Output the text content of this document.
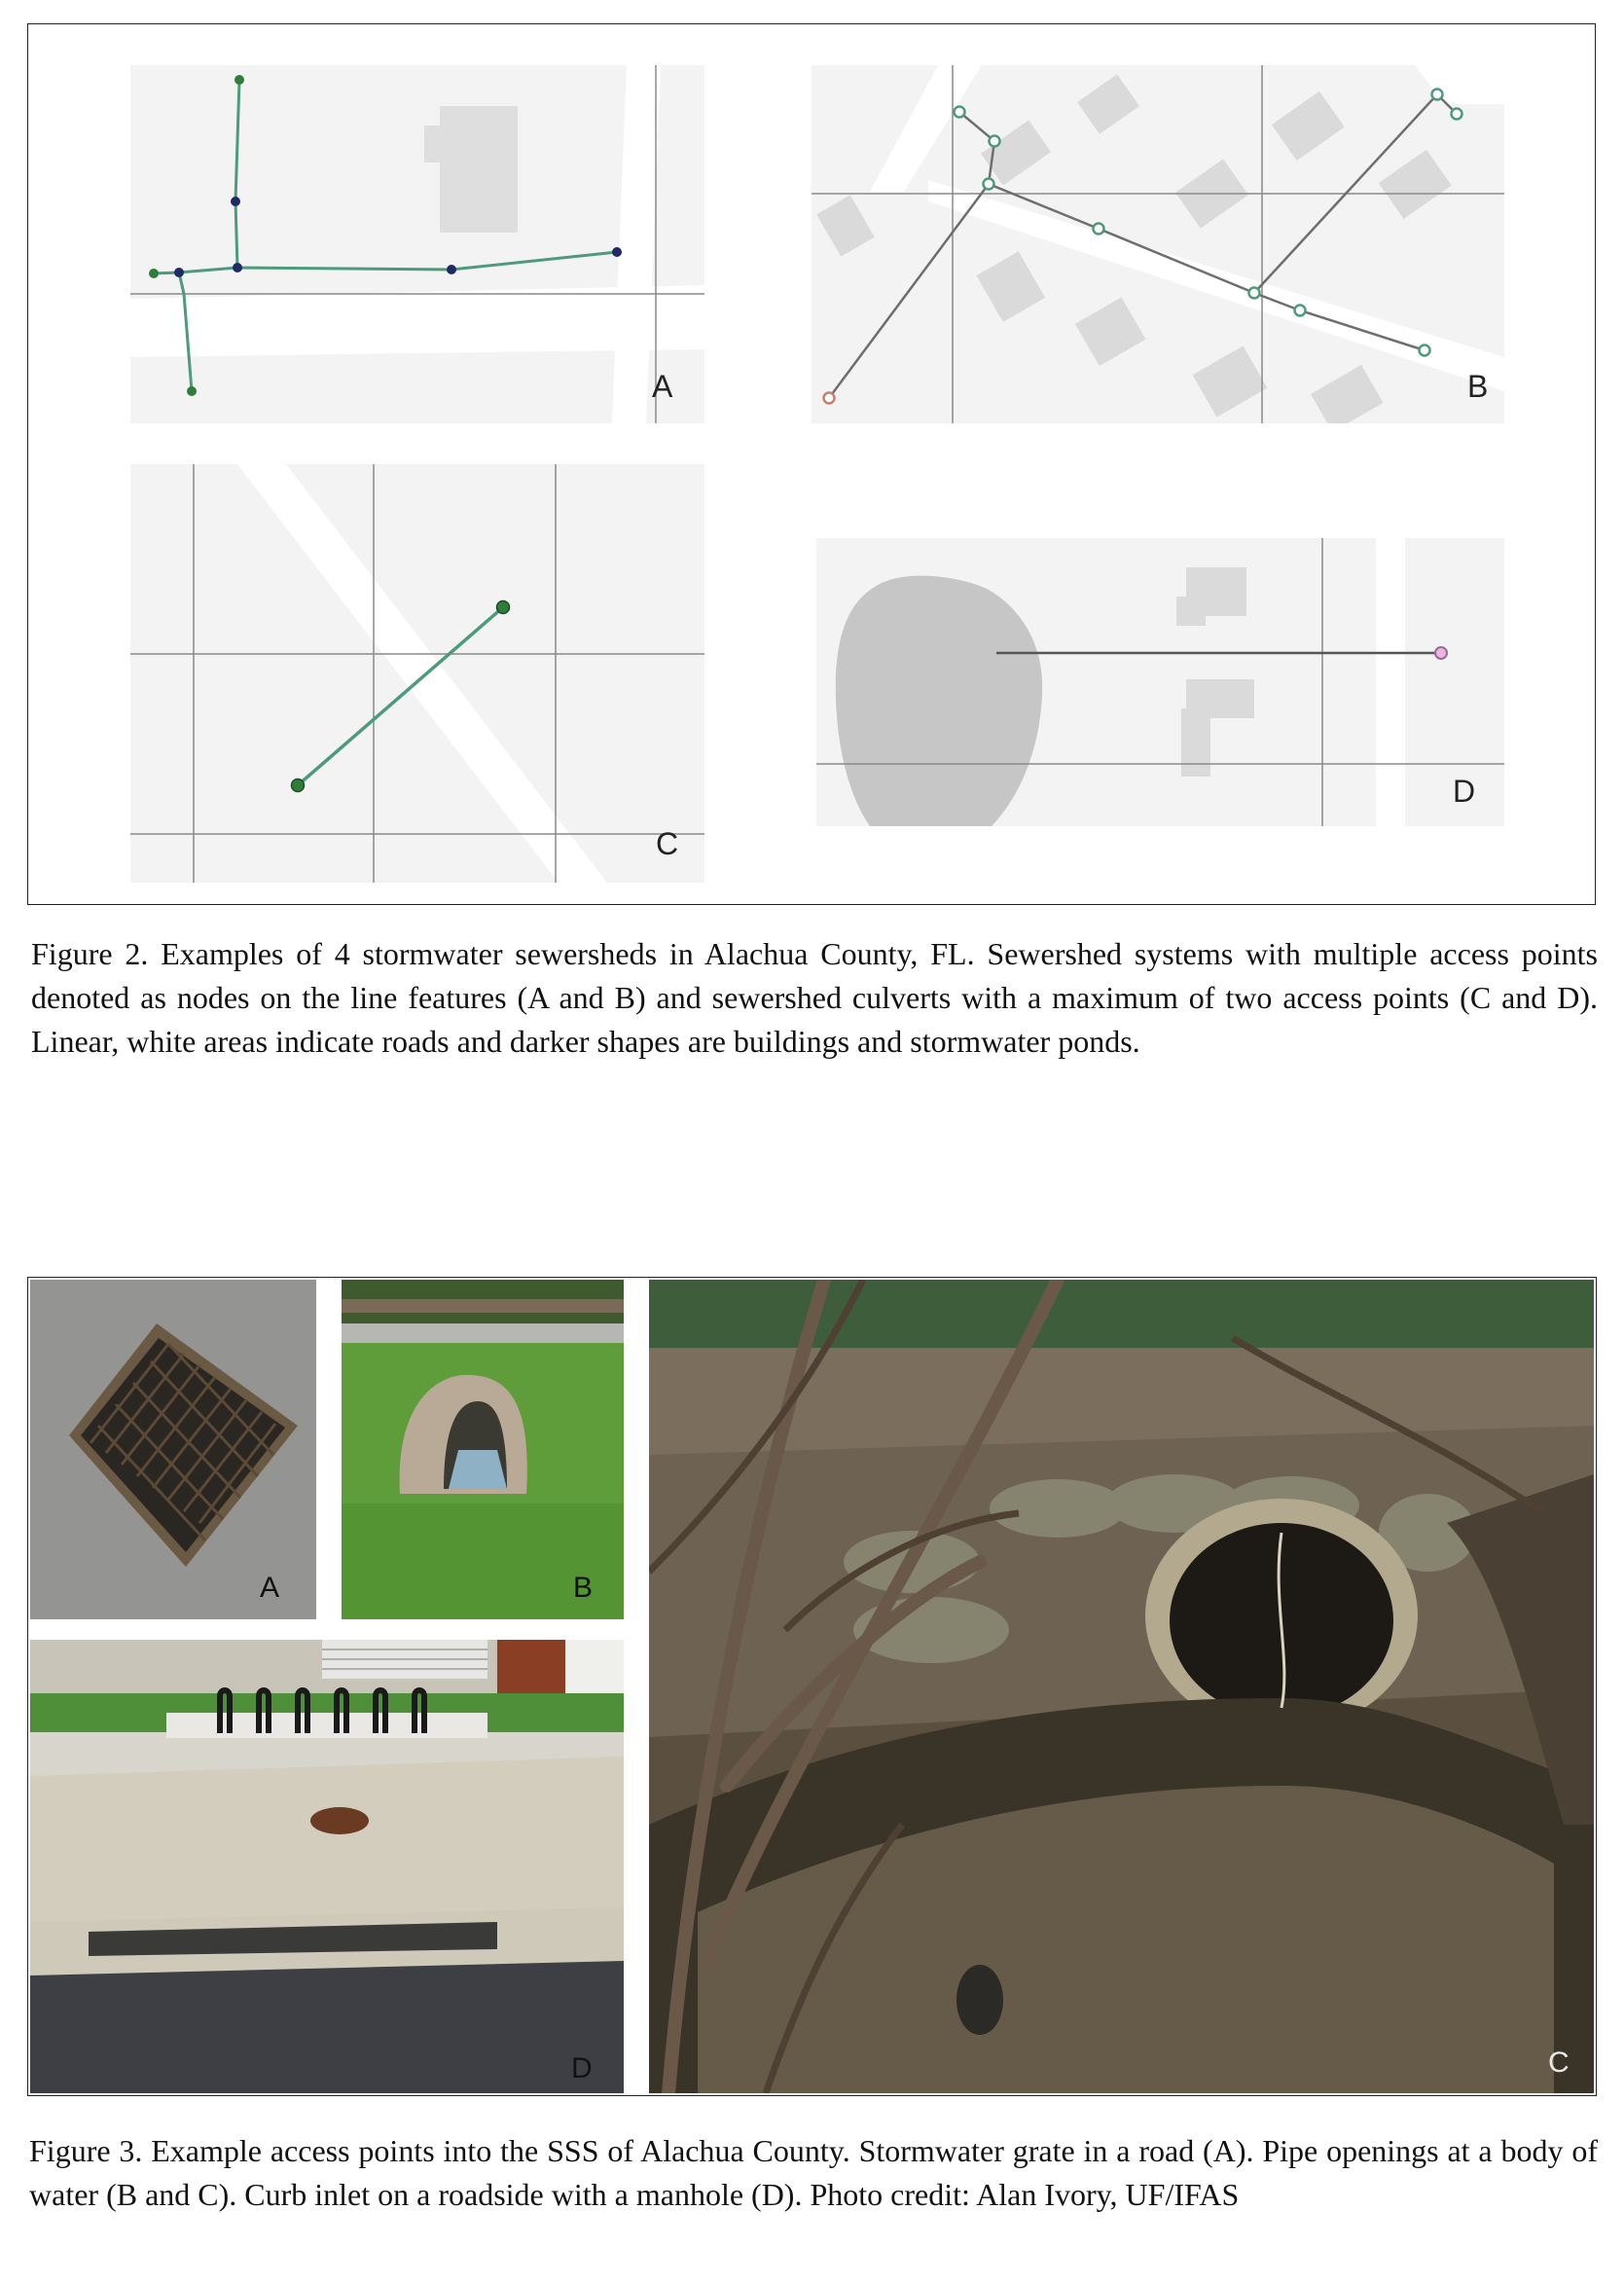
A	B
C
D

Figure 2. Examples of 4 stormwater sewersheds in Alachua County, FL. Sewershed systems with multiple access points denoted as nodes on the line features (A and B) and sewershed culverts with a maximum of two access points (C and D). Linear, white areas indicate roads and darker shapes are buildings and stormwater ponds.

A	B
D	C

Figure 3. Example access points into the SSS of Alachua County. Stormwater grate in a road (A). Pipe openings at a body of water (B and C). Curb inlet on a roadside with a manhole (D). Photo credit: Alan Ivory, UF/IFAS
